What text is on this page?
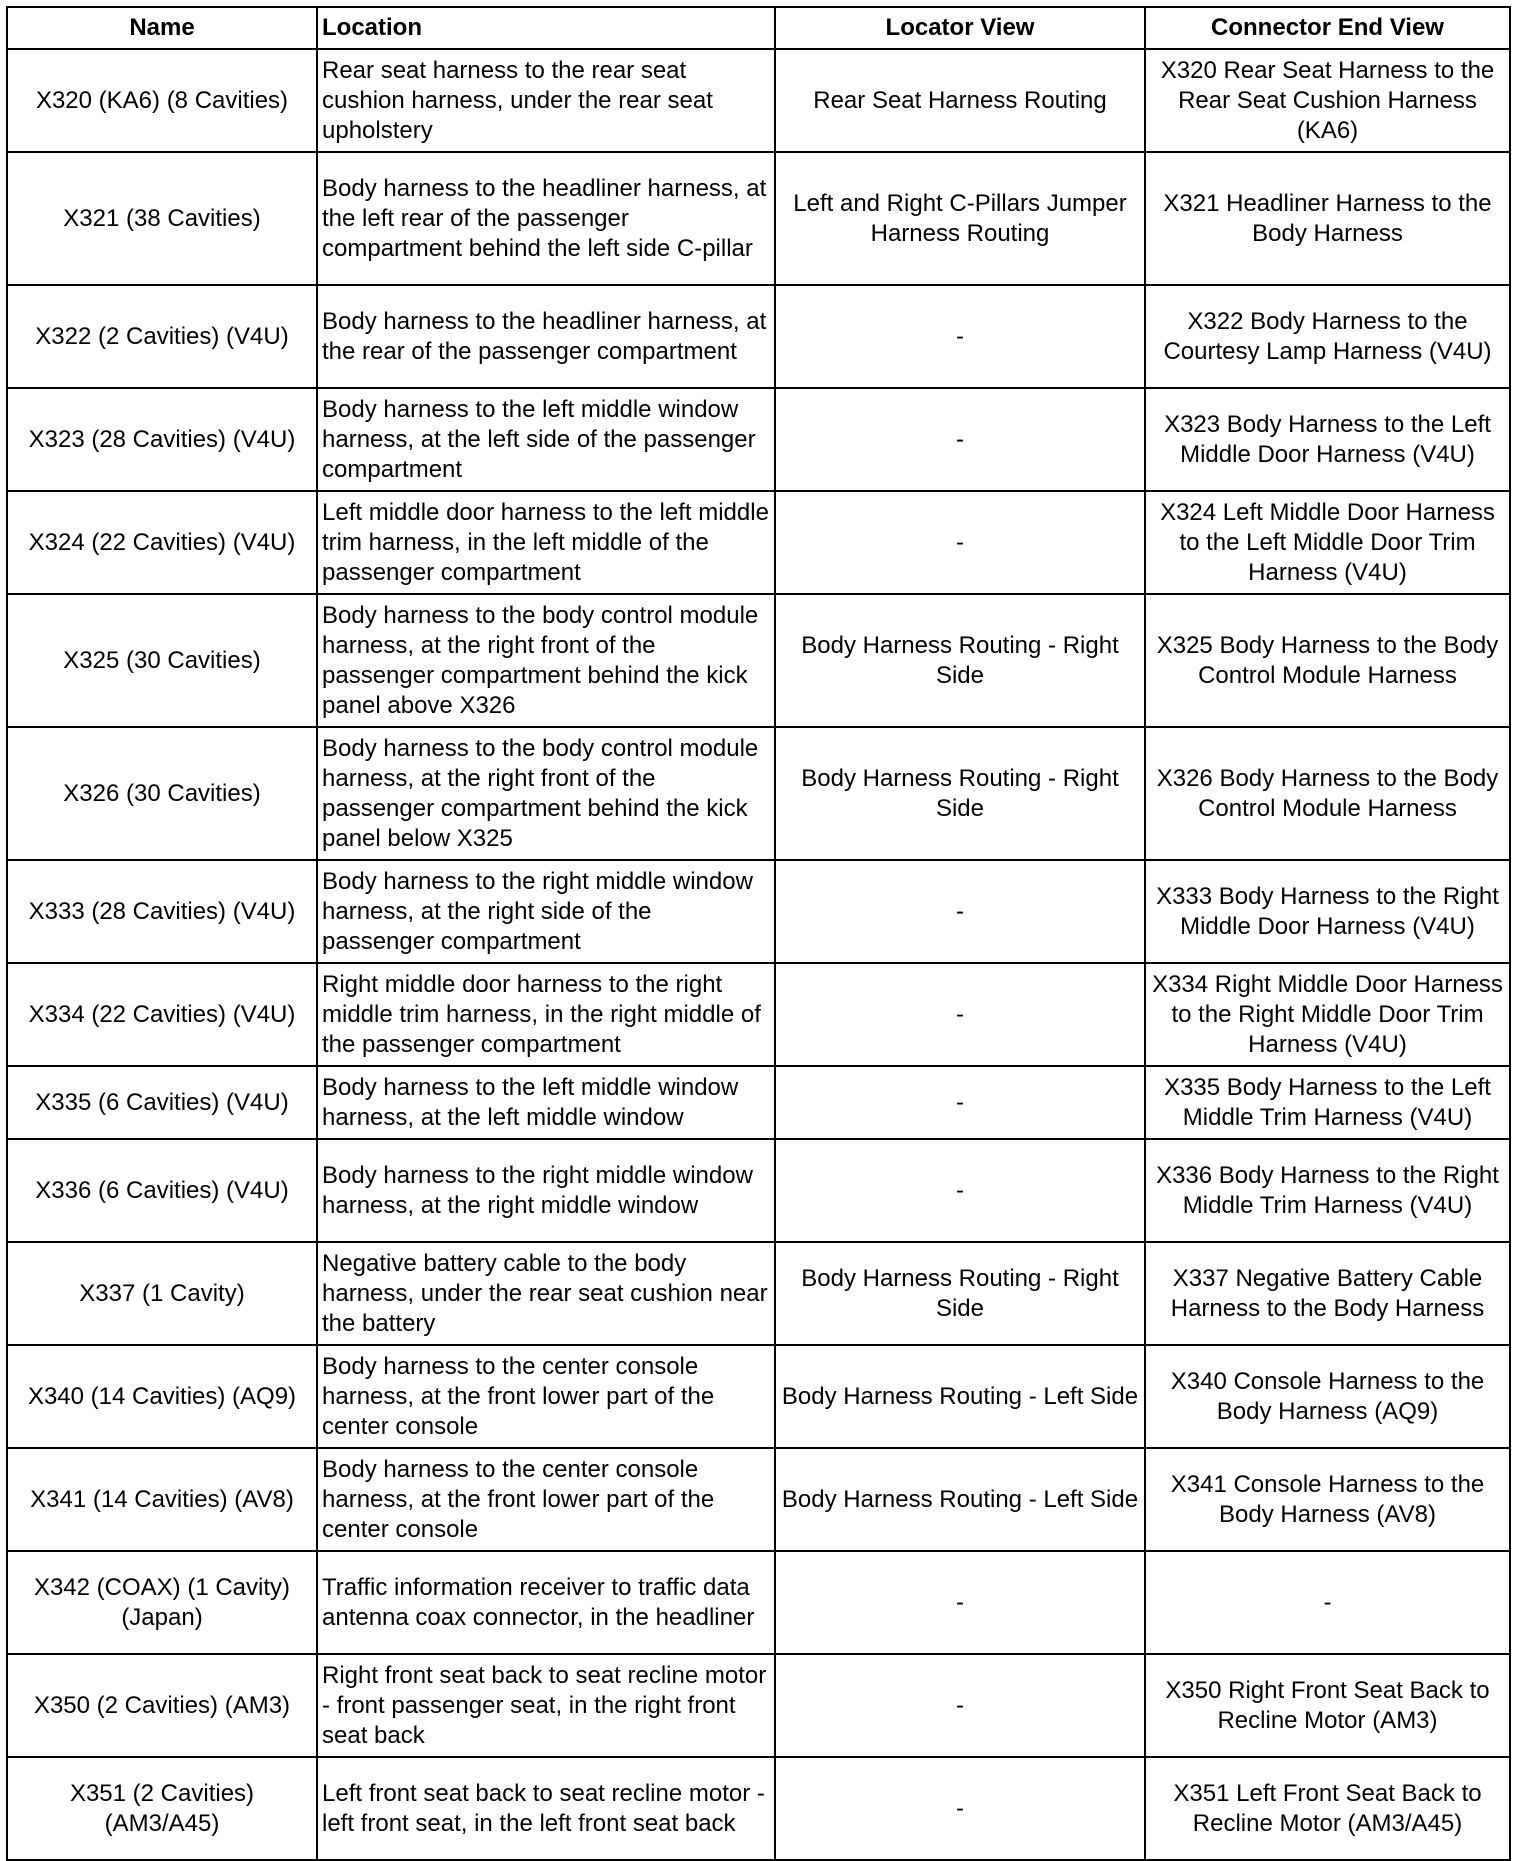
Name	Location	Locator View	Connector End View
X320 (KA6) (8 Cavities)	Rear seat harness to the rear seat cushion harness, under the rear seat upholstery	Rear Seat Harness Routing	X320 Rear Seat Harness to the Rear Seat Cushion Harness (KA6)
X321 (38 Cavities)	Body harness to the headliner harness, at the left rear of the passenger compartment behind the left side C-pillar	Left and Right C-Pillars Jumper Harness Routing	X321 Headliner Harness to the Body Harness
X322 (2 Cavities) (V4U)	Body harness to the headliner harness, at the rear of the passenger compartment	-	X322 Body Harness to the Courtesy Lamp Harness (V4U)
X323 (28 Cavities) (V4U)	Body harness to the left middle window harness, at the left side of the passenger compartment	-	X323 Body Harness to the Left Middle Door Harness (V4U)
X324 (22 Cavities) (V4U)	Left middle door harness to the left middle trim harness, in the left middle of the passenger compartment	-	X324 Left Middle Door Harness to the Left Middle Door Trim Harness (V4U)
X325 (30 Cavities)	Body harness to the body control module harness, at the right front of the passenger compartment behind the kick panel above X326	Body Harness Routing - Right Side	X325 Body Harness to the Body Control Module Harness
X326 (30 Cavities)	Body harness to the body control module harness, at the right front of the passenger compartment behind the kick panel below X325	Body Harness Routing - Right Side	X326 Body Harness to the Body Control Module Harness
X333 (28 Cavities) (V4U)	Body harness to the right middle window harness, at the right side of the passenger compartment	-	X333 Body Harness to the Right Middle Door Harness (V4U)
X334 (22 Cavities) (V4U)	Right middle door harness to the right middle trim harness, in the right middle of the passenger compartment	-	X334 Right Middle Door Harness to the Right Middle Door Trim Harness (V4U)
X335 (6 Cavities) (V4U)	Body harness to the left middle window harness, at the left middle window	-	X335 Body Harness to the Left Middle Trim Harness (V4U)
X336 (6 Cavities) (V4U)	Body harness to the right middle window harness, at the right middle window	-	X336 Body Harness to the Right Middle Trim Harness (V4U)
X337 (1 Cavity)	Negative battery cable to the body harness, under the rear seat cushion near the battery	Body Harness Routing - Right Side	X337 Negative Battery Cable Harness to the Body Harness
X340 (14 Cavities) (AQ9)	Body harness to the center console harness, at the front lower part of the center console	Body Harness Routing - Left Side	X340 Console Harness to the Body Harness (AQ9)
X341 (14 Cavities) (AV8)	Body harness to the center console harness, at the front lower part of the center console	Body Harness Routing - Left Side	X341 Console Harness to the Body Harness (AV8)
X342 (COAX) (1 Cavity) (Japan)	Traffic information receiver to traffic data antenna coax connector, in the headliner	-	-
X350 (2 Cavities) (AM3)	Right front seat back to seat recline motor - front passenger seat, in the right front seat back	-	X350 Right Front Seat Back to Recline Motor (AM3)
X351 (2 Cavities) (AM3/A45)	Left front seat back to seat recline motor - left front seat, in the left front seat back	-	X351 Left Front Seat Back to Recline Motor (AM3/A45)
